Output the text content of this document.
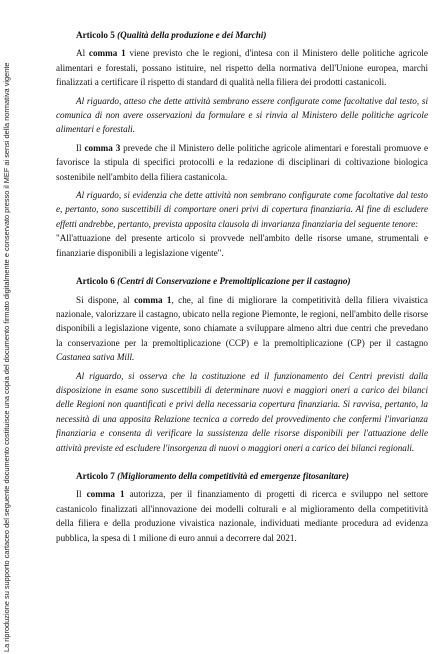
La riproduzione su supporto cartaceo del seguente documento costituisce una copia del documento firmato digitalmente e conservato presso il MEF ai sensi della normativa vigente

Articolo 5 (Qualità della produzione e dei Marchi)

Al comma 1 viene previsto che le regioni, d'intesa con il Ministero delle politiche agricole alimentari e forestali, possano istituire, nel rispetto della normativa dell'Unione europea, marchi finalizzati a certificare il rispetto di standard di qualità nella filiera dei prodotti castanicoli.

Al riguardo, atteso che dette attività sembrano essere configurate come facoltative dal testo, si comunica di non avere osservazioni da formulare e si rinvia al Ministero delle politiche agricole alimentari e forestali.

Il comma 3 prevede che il Ministero delle politiche agricole alimentari e forestali promuove e favorisce la stipula di specifici protocolli e la redazione di disciplinari di coltivazione biologica sostenibile nell'ambito della filiera castanicola.

Al riguardo, si evidenzia che dette attività non sembrano configurate come facoltative dal testo e, pertanto, sono suscettibili di comportare oneri privi di copertura finanziaria. Al fine di escludere effetti andrebbe, pertanto, prevista apposita clausola di invarianza finanziaria del seguente tenore:

"All'attuazione del presente articolo si provvede nell'ambito delle risorse umane, strumentali e finanziarie disponibili a legislazione vigente".

Articolo 6 (Centri di Conservazione e Premoltiplicazione per il castagno)

Si dispone, al comma 1, che, al fine di migliorare la competitività della filiera vivaistica nazionale, valorizzare il castagno, ubicato nella regione Piemonte, le regioni, nell'ambito delle risorse disponibili a legislazione vigente, sono chiamate a sviluppare almeno altri due centri che prevedano la conservazione per la premoltiplicazione (CCP) e la premoltiplicazione (CP) per il castagno Castanea sativa Mill.

Al riguardo, si osserva che la costituzione ed il funzionamento dei Centri previsti dalla disposizione in esame sono suscettibili di determinare nuovi e maggiori oneri a carico dei bilanci delle Regioni non quantificati e privi della necessaria copertura finanziaria. Si ravvisa, pertanto, la necessità di una apposita Relazione tecnica a corredo del provvedimento che confermi l'invarianza finanziaria e consenta di verificare la sussistenza delle risorse disponibili per l'attuazione delle attività previste ed escludere l'insorgenza di nuovi o maggiori oneri a carico dei bilanci regionali.

Articolo 7 (Miglioramento della competitività ed emergenze fitosanitare)

Il comma 1 autorizza, per il finanziamento di progetti di ricerca e sviluppo nel settore castanicolo finalizzati all'innovazione dei modelli colturali e al miglioramento della competitività della filiera e della produzione vivaistica nazionale, individuati mediante procedura ad evidenza pubblica, la spesa di 1 milione di euro annui a decorrere dal 2021.
